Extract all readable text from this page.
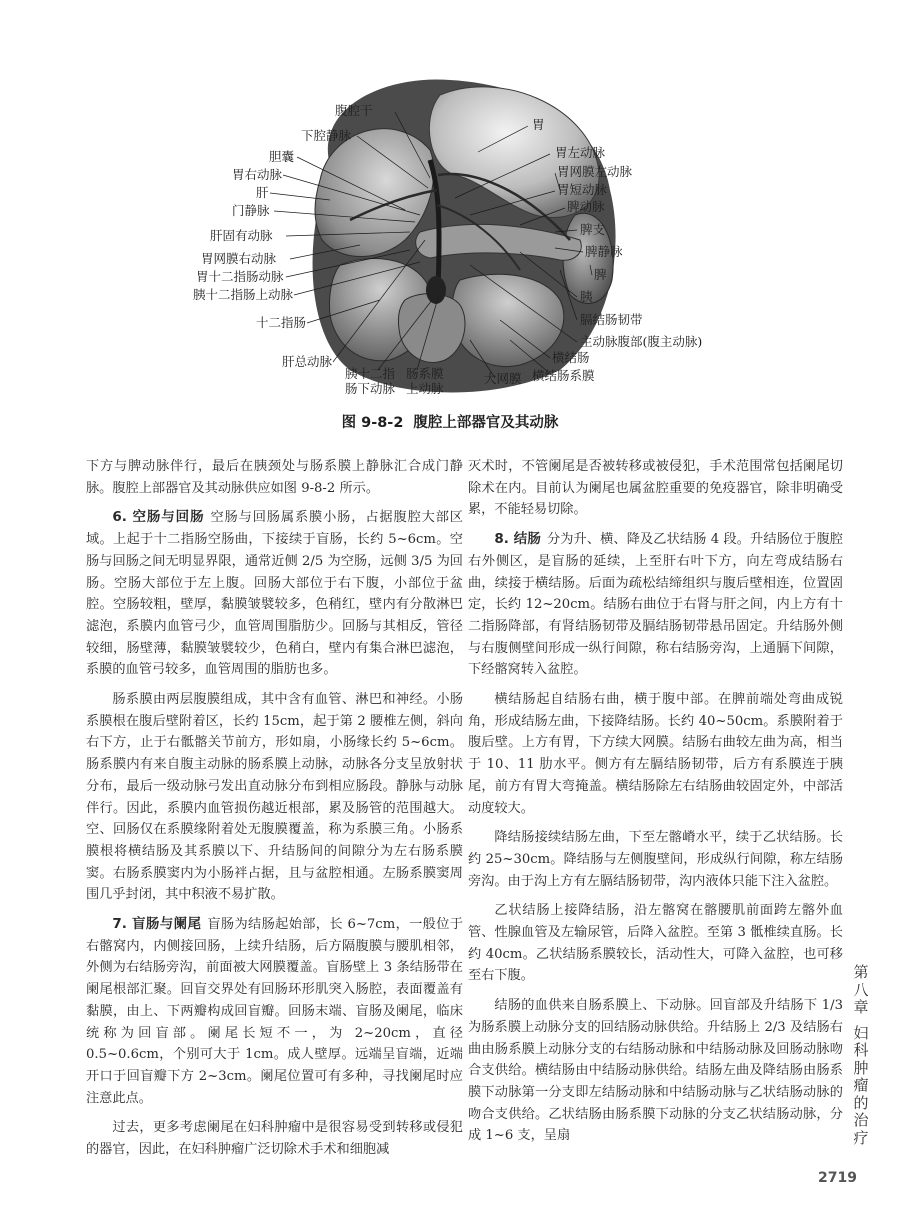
腹腔干
胃
下腔静脉
胃左动脉
胆囊
胃网膜左动脉
胃右动脉
胃短动脉
肝
脾动脉
门静脉
脾支
肝固有动脉
脾静脉
胃网膜右动脉
脾
胃十二指肠动脉
胰
胰十二指肠上动脉
膈结肠韧带
十二指肠
主动脉腹部(腹主动脉)
肝总动脉	横结肠
胰十二指
肠下动脉
肠系膜
上动脉
大网膜 横结肠系膜
图 9-8-2 腹腔上部器官及其动脉

下方与脾动脉伴行，最后在胰颈处与肠系膜上静脉汇合成门静脉。腹腔上部器官及其动脉供应如图 9-8-2 所示。

6. 空肠与回肠 空肠与回肠属系膜小肠，占据腹腔大部区域。上起于十二指肠空肠曲，下接续于盲肠，长约 5~6cm。空肠与回肠之间无明显界限，通常近侧 2/5 为空肠，远侧 3/5 为回肠。空肠大部位于左上腹。回肠大部位于右下腹，小部位于盆腔。空肠较粗，壁厚，黏膜皱襞较多，色稍红，壁内有分散淋巴滤泡，系膜内血管弓少，血管周围脂肪少。回肠与其相反，管径较细，肠壁薄，黏膜皱襞较少，色稍白，壁内有集合淋巴滤泡，系膜的血管弓较多，血管周围的脂肪也多。

肠系膜由两层腹膜组成，其中含有血管、淋巴和神经。小肠系膜根在腹后壁附着区，长约 15cm，起于第 2 腰椎左侧，斜向右下方，止于右骶髂关节前方，形如扇，小肠缘长约 5~6cm。肠系膜内有来自腹主动脉的肠系膜上动脉，动脉各分支呈放射状分布，最后一级动脉弓发出直动脉分布到相应肠段。静脉与动脉伴行。因此，系膜内血管损伤越近根部，累及肠管的范围越大。空、回肠仅在系膜缘附着处无腹膜覆盖，称为系膜三角。小肠系膜根将横结肠及其系膜以下、升结肠间的间隙分为左右肠系膜窦。右肠系膜窦内为小肠袢占据，且与盆腔相通。左肠系膜窦周围几乎封闭，其中积液不易扩散。

7. 盲肠与阑尾 盲肠为结肠起始部，长 6~7cm，一般位于右髂窝内，内侧接回肠，上续升结肠，后方隔腹膜与腰肌相邻，外侧为右结肠旁沟，前面被大网膜覆盖。盲肠壁上 3 条结肠带在阑尾根部汇聚。回盲交界处有回肠环形肌突入肠腔，表面覆盖有黏膜，由上、下两瓣构成回盲瓣。回肠末端、盲肠及阑尾，临床统称为回盲部。阑尾长短不一，为 2~20cm，直径 0.5~0.6cm，个别可大于 1cm。成人壁厚。远端呈盲端，近端开口于回盲瓣下方 2~3cm。阑尾位置可有多种，寻找阑尾时应注意此点。

过去，更多考虑阑尾在妇科肿瘤中是很容易受到转移或侵犯的器官，因此，在妇科肿瘤广泛切除术手术和细胞减

灭术时，不管阑尾是否被转移或被侵犯，手术范围常包括阑尾切除术在内。目前认为阑尾也属盆腔重要的免疫器官，除非明确受累，不能轻易切除。

8. 结肠 分为升、横、降及乙状结肠 4 段。升结肠位于腹腔右外侧区，是盲肠的延续，上至肝右叶下方，向左弯成结肠右曲，续接于横结肠。后面为疏松结缔组织与腹后壁相连，位置固定，长约 12~20cm。结肠右曲位于右肾与肝之间，内上方有十二指肠降部，有肾结肠韧带及膈结肠韧带悬吊固定。升结肠外侧与右腹侧壁间形成一纵行间隙，称右结肠旁沟，上通膈下间隙，下经髂窝转入盆腔。

横结肠起自结肠右曲，横于腹中部。在脾前端处弯曲成锐角，形成结肠左曲，下接降结肠。长约 40~50cm。系膜附着于腹后壁。上方有胃，下方续大网膜。结肠右曲较左曲为高，相当于 10、11 肋水平。侧方有左膈结肠韧带，后方有系膜连于胰尾，前方有胃大弯掩盖。横结肠除左右结肠曲较固定外，中部活动度较大。

降结肠接续结肠左曲，下至左髂嵴水平，续于乙状结肠。长约 25~30cm。降结肠与左侧腹壁间，形成纵行间隙，称左结肠旁沟。由于沟上方有左膈结肠韧带，沟内液体只能下注入盆腔。

乙状结肠上接降结肠，沿左髂窝在髂腰肌前面跨左髂外血管、性腺血管及左输尿管，后降入盆腔。至第 3 骶椎续直肠。长约 40cm。乙状结肠系膜较长，活动性大，可降入盆腔，也可移至右下腹。

结肠的血供来自肠系膜上、下动脉。回盲部及升结肠下 1/3 为肠系膜上动脉分支的回结肠动脉供给。升结肠上 2/3 及结肠右曲由肠系膜上动脉分支的右结肠动脉和中结肠动脉及回肠动脉吻合支供给。横结肠由中结肠动脉供给。结肠左曲及降结肠由肠系膜下动脉第一分支即左结肠动脉和中结肠动脉与乙状结肠动脉的吻合支供给。乙状结肠由肠系膜下动脉的分支乙状结肠动脉，分成 1~6 支，呈扇

第八章
妇科肿瘤的治疗
2719
